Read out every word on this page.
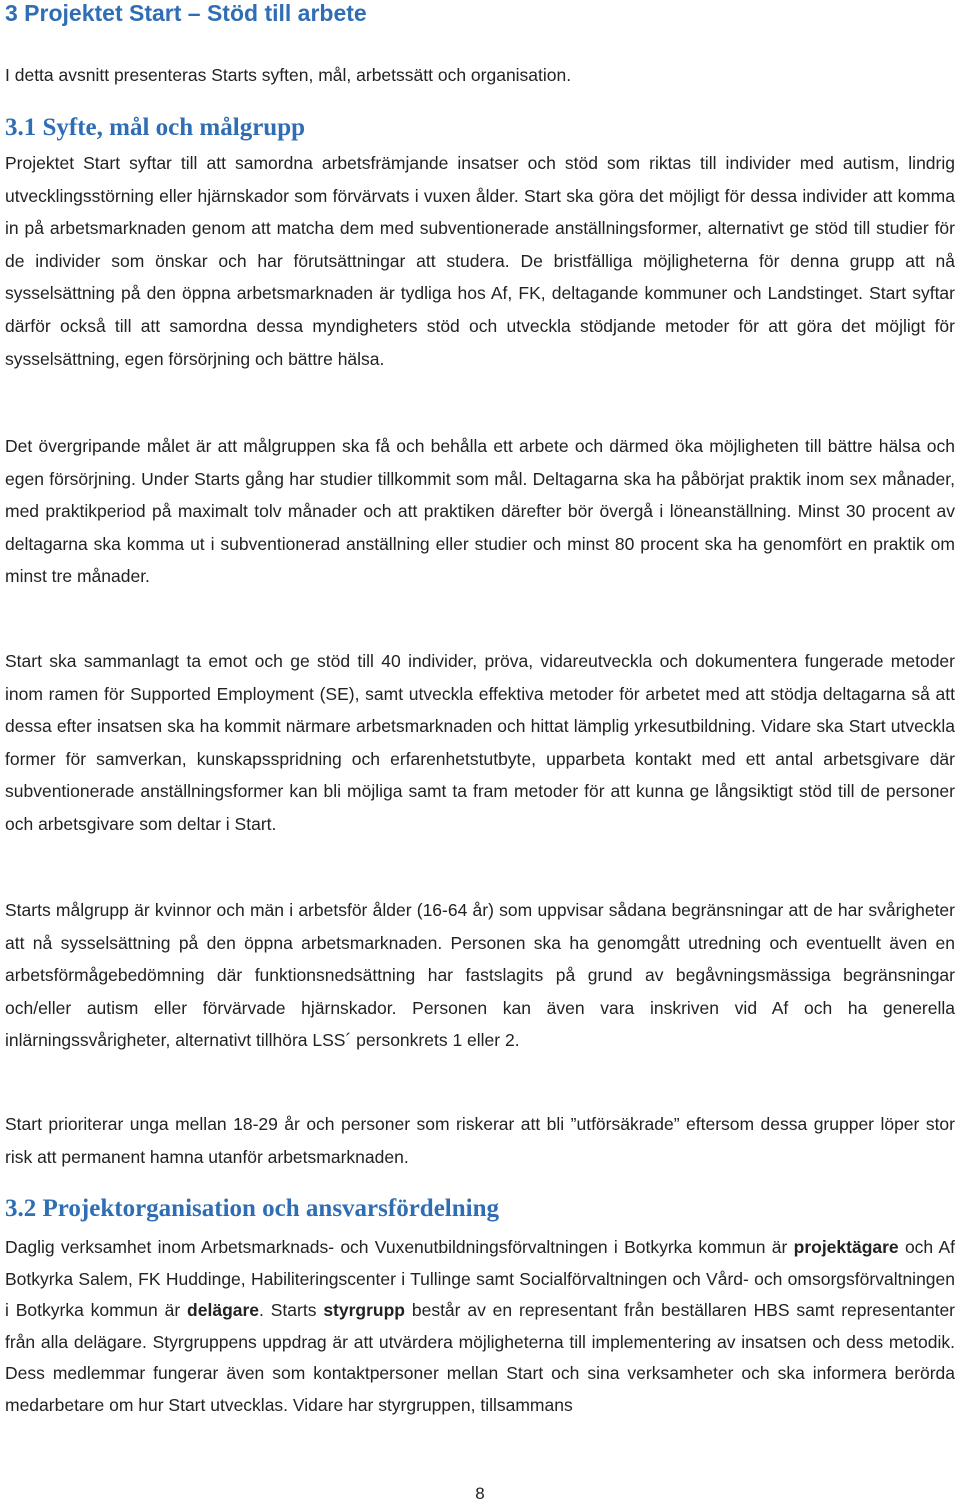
3 Projektet Start – Stöd till arbete

I detta avsnitt presenteras Starts syften, mål, arbetssätt och organisation.

3.1 Syfte, mål och målgrupp

Projektet Start syftar till att samordna arbetsfrämjande insatser och stöd som riktas till individer med autism, lindrig utvecklingsstörning eller hjärnskador som förvärvats i vuxen ålder. Start ska göra det möjligt för dessa individer att komma in på arbetsmarknaden genom att matcha dem med subventionerade anställningsformer, alternativt ge stöd till studier för de individer som önskar och har förutsättningar att studera. De bristfälliga möjligheterna för denna grupp att nå sysselsättning på den öppna arbetsmarknaden är tydliga hos Af, FK, deltagande kommuner och Landstinget. Start syftar därför också till att samordna dessa myndigheters stöd och utveckla stödjande metoder för att göra det möjligt för sysselsättning, egen försörjning och bättre hälsa.

Det övergripande målet är att målgruppen ska få och behålla ett arbete och därmed öka möjligheten till bättre hälsa och egen försörjning. Under Starts gång har studier tillkommit som mål. Deltagarna ska ha påbörjat praktik inom sex månader, med praktikperiod på maximalt tolv månader och att praktiken därefter bör övergå i löneanställning. Minst 30 procent av deltagarna ska komma ut i subventionerad anställning eller studier och minst 80 procent ska ha genomfört en praktik om minst tre månader.

Start ska sammanlagt ta emot och ge stöd till 40 individer, pröva, vidareutveckla och dokumentera fungerade metoder inom ramen för Supported Employment (SE), samt utveckla effektiva metoder för arbetet med att stödja deltagarna så att dessa efter insatsen ska ha kommit närmare arbetsmarknaden och hittat lämplig yrkesutbildning. Vidare ska Start utveckla former för samverkan, kunskapsspridning och erfarenhetstutbyte, upparbeta kontakt med ett antal arbetsgivare där subventionerade anställningsformer kan bli möjliga samt ta fram metoder för att kunna ge långsiktigt stöd till de personer och arbetsgivare som deltar i Start.

Starts målgrupp är kvinnor och män i arbetsför ålder (16-64 år) som uppvisar sådana begränsningar att de har svårigheter att nå sysselsättning på den öppna arbetsmarknaden. Personen ska ha genomgått utredning och eventuellt även en arbetsförmågebedömning där funktionsnedsättning har fastslagits på grund av begåvningsmässiga begränsningar och/eller autism eller förvärvade hjärnskador. Personen kan även vara inskriven vid Af och ha generella inlärningssvårigheter, alternativt tillhöra LSS´ personkrets 1 eller 2.

Start prioriterar unga mellan 18-29 år och personer som riskerar att bli ”utförsäkrade” eftersom dessa grupper löper stor risk att permanent hamna utanför arbetsmarknaden.

3.2 Projektorganisation och ansvarsfördelning

Daglig verksamhet inom Arbetsmarknads- och Vuxenutbildningsförvaltningen i Botkyrka kommun är projektägare och Af Botkyrka Salem, FK Huddinge, Habiliteringscenter i Tullinge samt Socialförvaltningen och Vård- och omsorgsförvaltningen i Botkyrka kommun är delägare. Starts styrgrupp består av en representant från beställaren HBS samt representanter från alla delägare. Styrgruppens uppdrag är att utvärdera möjligheterna till implementering av insatsen och dess metodik. Dess medlemmar fungerar även som kontaktpersoner mellan Start och sina verksamheter och ska informera berörda medarbetare om hur Start utvecklas. Vidare har styrgruppen, tillsammans

8
